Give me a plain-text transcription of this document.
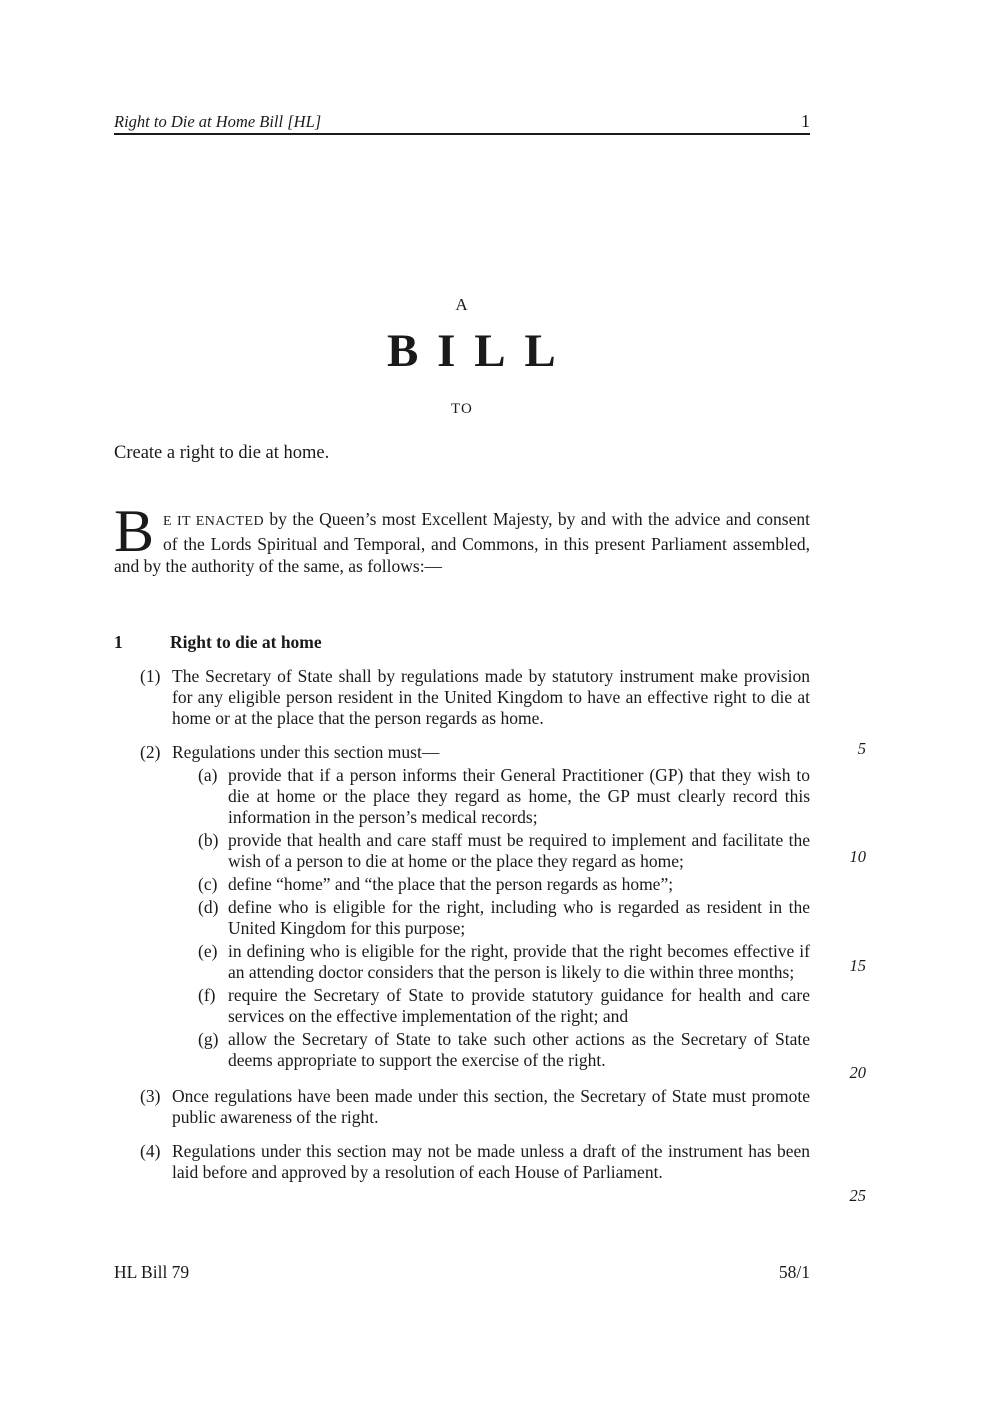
Right to Die at Home Bill [HL]	1
A
BILL
TO
Create a right to die at home.

B E IT ENACTED by the Queen’s most Excellent Majesty, by and with the advice and consent of the Lords Spiritual and Temporal, and Commons, in this present Parliament assembled, and by the authority of the same, as follows:—

1	Right to die at home
(1) The Secretary of State shall by regulations made by statutory instrument make provision for any eligible person resident in the United Kingdom to have an effective right to die at home or at the place that the person regards as home.
(2) Regulations under this section must—
(a) provide that if a person informs their General Practitioner (GP) that they wish to die at home or the place they regard as home, the GP must clearly record this information in the person’s medical records;
(b) provide that health and care staff must be required to implement and facilitate the wish of a person to die at home or the place they regard as home;
(c) define “home” and “the place that the person regards as home”;
(d) define who is eligible for the right, including who is regarded as resident in the United Kingdom for this purpose;
(e) in defining who is eligible for the right, provide that the right becomes effective if an attending doctor considers that the person is likely to die within three months;
(f) require the Secretary of State to provide statutory guidance for health and care services on the effective implementation of the right; and
(g) allow the Secretary of State to take such other actions as the Secretary of State deems appropriate to support the exercise of the right.
(3) Once regulations have been made under this section, the Secretary of State must promote public awareness of the right.
(4) Regulations under this section may not be made unless a draft of the instrument has been laid before and approved by a resolution of each House of Parliament.
5
10
15
20
25
HL Bill 79	58/1
